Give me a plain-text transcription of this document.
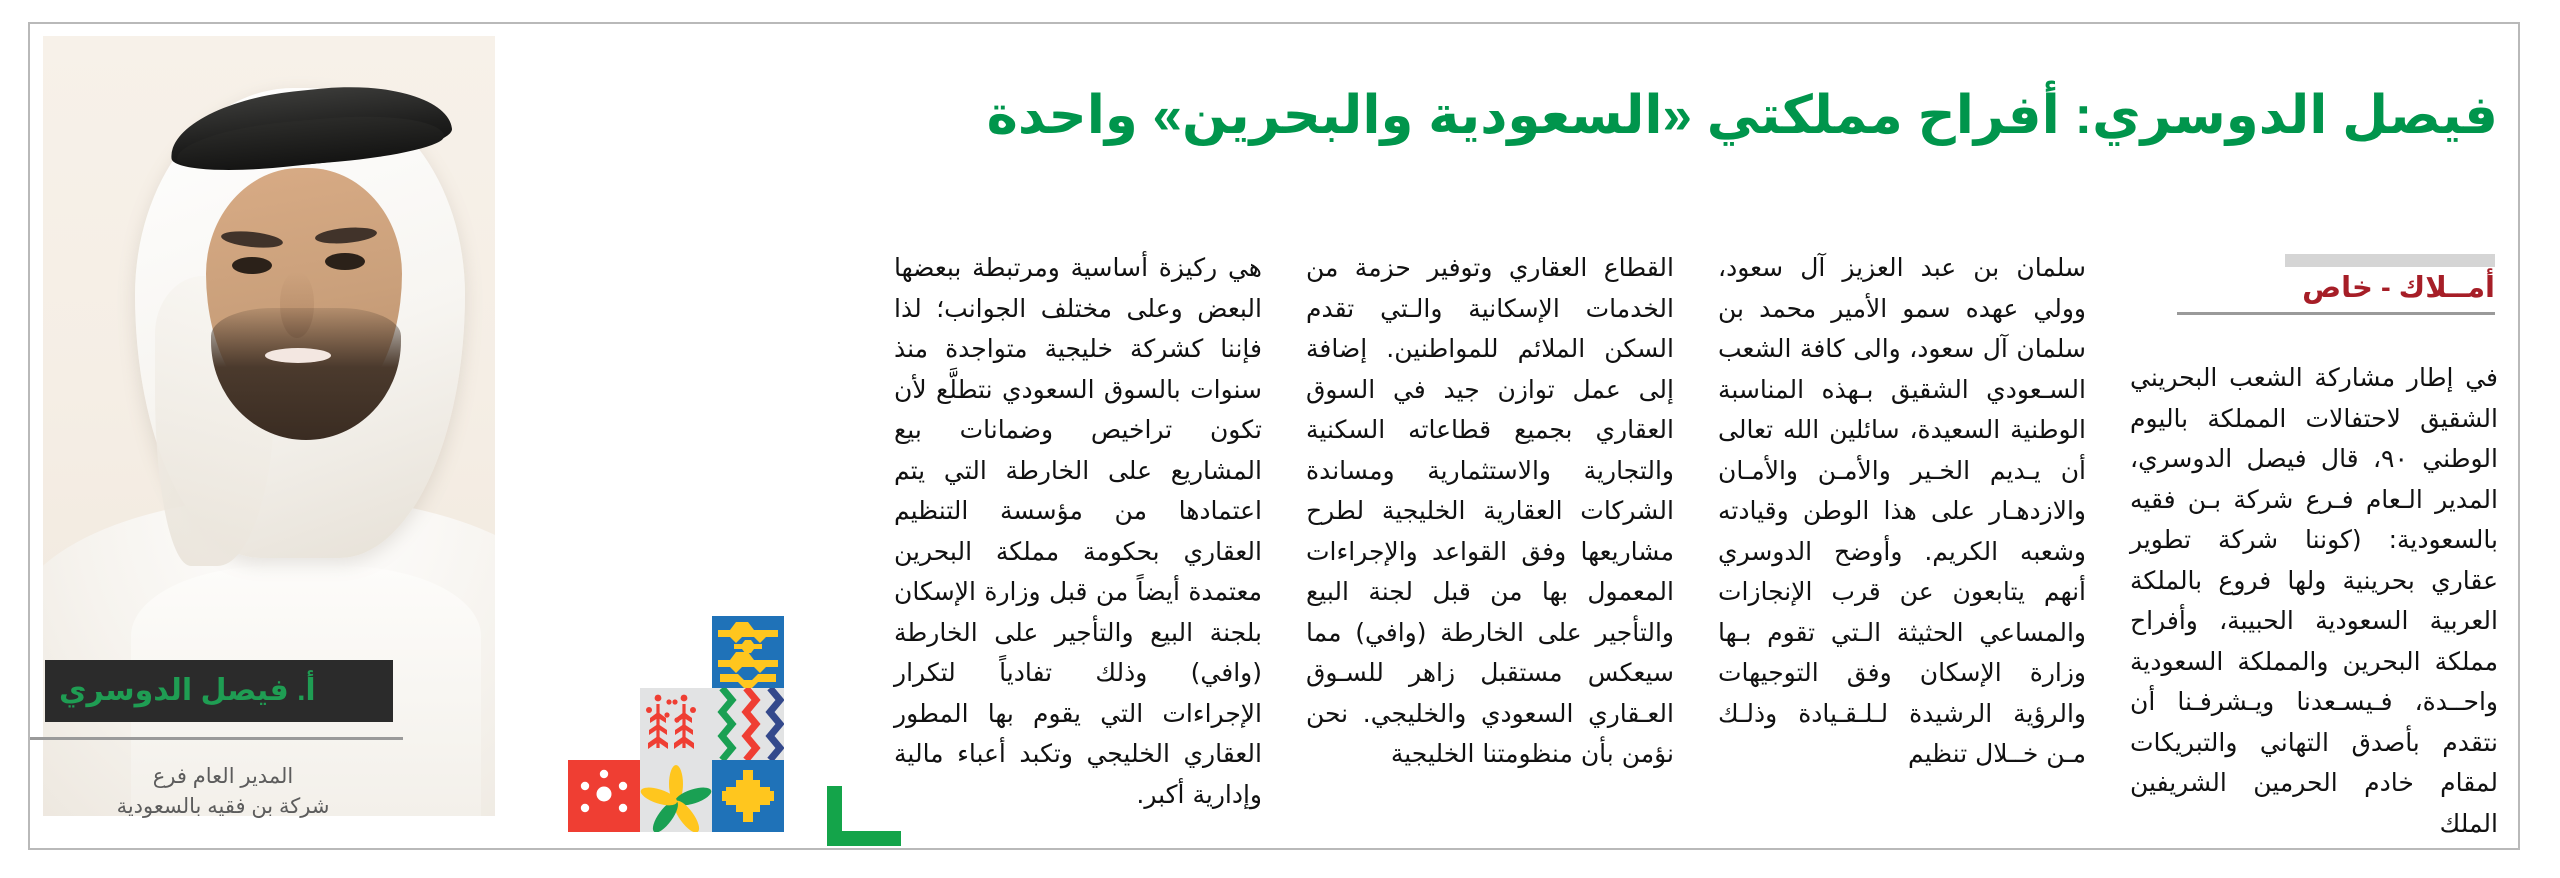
أ. فيصل الدوسري
المدير العام فرع
شركة بن فقيه بالسعودية
فيصل الدوسري: أفراح مملكتي «السعودية والبحرين» واحدة
أمــلاك - خاص

في إطار مشاركة الشعب البحريني الشقيق لاحتفالات المملكة باليوم الوطني ٩٠، قال فيصل الدوسري، المدير الـعام فـرع شركة بـن فقيه بالسعودية: (كوننا شركة تطوير عقاري بحرينية ولها فروع بالملكة العربية السعودية الحبيبة، وأفراح مملكة البحرين والمملكة السعودية واحــدة، فـيسـعدنا ويـشرفـنا أن نتقدم بأصدق التهاني والتبريكات لمقام خادم الحرمين الشريفين الملك

سلمان بن عبد العزيز آل سعود، وولي عهده سمو الأمير محمد بن سلمان آل سعود، والى كافة الشعب السـعودي الشقيق بـهذه المناسبة الوطنية السعيدة، سائلين الله تعالى أن يـديم الخـير والأمـن والأمـان والازدهـار على هذا الوطن وقيادته وشعبه الكريم. وأوضح الدوسري أنهم يتابعون عن قرب الإنجازات والمساعي الحثيثة الـتي تقوم بـها وزارة الإسكان وفق التوجيهات والرؤية الرشيدة لـلـقـيادة وذلـك مـن خــلال تنظيم

القطاع العقاري وتوفير حزمة من الخدمات الإسكانية والـتي تقدم السكن الملائم للمواطنين. إضافة إلى عمل توازن جيد في السوق العقاري بجميع قطاعاته السكنية والتجارية والاستثمارية ومساندة الشركات العقارية الخليجية لطرح مشاريعها وفق القواعد والإجراءات المعمول بها من قبل لجنة البيع والتأجير على الخارطة (وافي) مما سيعكس مستقبل زاهر للسـوق العـقاري السعودي والخليجي. نحن نؤمن بأن منظومتنا الخليجية

هي ركيزة أساسية ومرتبطة ببعضها البعض وعلى مختلف الجوانب؛ لذا فإننا كشركة خليجية متواجدة منذ سنوات بالسوق السعودي نتطلَّع لأن تكون تراخيص وضمانات بيع المشاريع على الخارطة التي يتم اعتمادها من مؤسسة التنظيم العقاري بحكومة مملكة البحرين معتمدة أيضاً من قبل وزارة الإسكان بلجنة البيع والتأجير على الخارطة (وافي) وذلك تفادياً لتكرار الإجراءات التي يقوم بها المطور العقاري الخليجي وتكبد أعباء مالية وإدارية أكبر.
